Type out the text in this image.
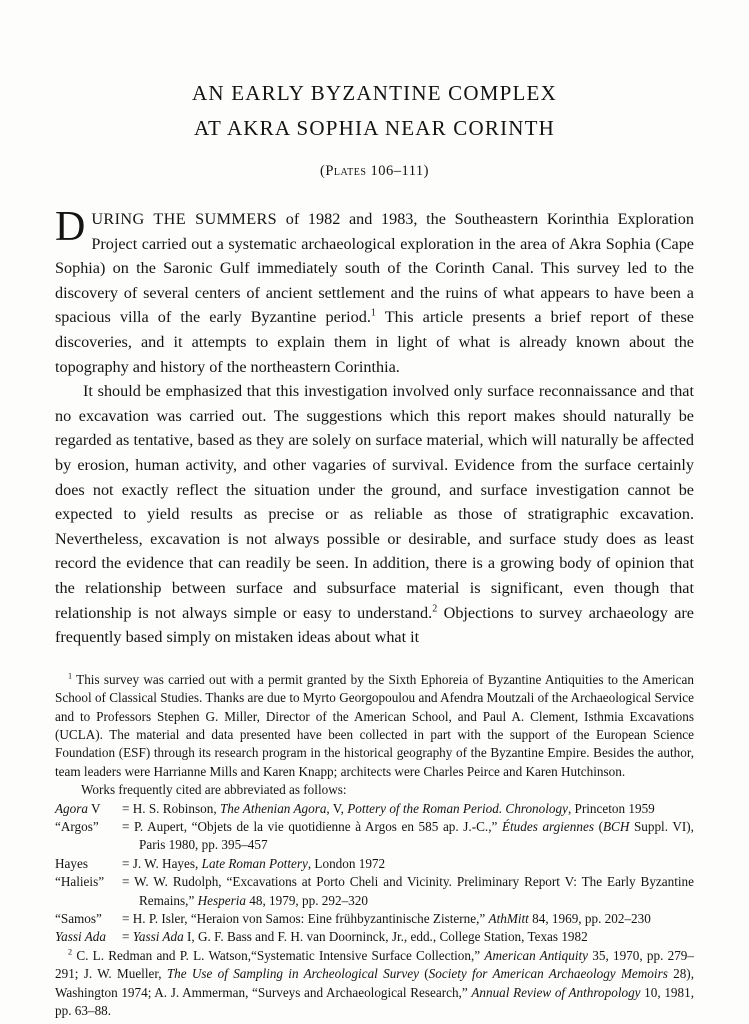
AN EARLY BYZANTINE COMPLEX
AT AKRA SOPHIA NEAR CORINTH
(Plates 106–111)

DURING THE SUMMERS of 1982 and 1983, the Southeastern Korinthia Exploration Project carried out a systematic archaeological exploration in the area of Akra Sophia (Cape Sophia) on the Saronic Gulf immediately south of the Corinth Canal. This survey led to the discovery of several centers of ancient settlement and the ruins of what appears to have been a spacious villa of the early Byzantine period.$^1$ This article presents a brief report of these discoveries, and it attempts to explain them in light of what is already known about the topography and history of the northeastern Corinthia.

It should be emphasized that this investigation involved only surface reconnaissance and that no excavation was carried out. The suggestions which this report makes should naturally be regarded as tentative, based as they are solely on surface material, which will naturally be affected by erosion, human activity, and other vagaries of survival. Evidence from the surface certainly does not exactly reflect the situation under the ground, and surface investigation cannot be expected to yield results as precise or as reliable as those of stratigraphic excavation. Nevertheless, excavation is not always possible or desirable, and surface study does as least record the evidence that can readily be seen. In addition, there is a growing body of opinion that the relationship between surface and subsurface material is significant, even though that relationship is not always simple or easy to understand.$^2$ Objections to survey archaeology are frequently based simply on mistaken ideas about what it

$^1$ This survey was carried out with a permit granted by the Sixth Ephoreia of Byzantine Antiquities to the American School of Classical Studies. Thanks are due to Myrto Georgopoulou and Afendra Moutzali of the Archaeological Service and to Professors Stephen G. Miller, Director of the American School, and Paul A. Clement, Isthmia Excavations (UCLA). The material and data presented have been collected in part with the support of the European Science Foundation (ESF) through its research program in the historical geography of the Byzantine Empire. Besides the author, team leaders were Harrianne Mills and Karen Knapp; architects were Charles Peirce and Karen Hutchinson.

Works frequently cited are abbreviated as follows:

Agora V	= H. S. Robinson, The Athenian Agora, V, Pottery of the Roman Period. Chronology, Princeton 1959
“Argos”	= P. Aupert, “Objets de la vie quotidienne à Argos en 585 ap. J.-C.,” Études argiennes (BCH Suppl. VI), Paris 1980, pp. 395–457
Hayes	= J. W. Hayes, Late Roman Pottery, London 1972
“Halieis”	= W. W. Rudolph, “Excavations at Porto Cheli and Vicinity. Preliminary Report V: The Early Byzantine Remains,” Hesperia 48, 1979, pp. 292–320
“Samos”	= H. P. Isler, “Heraion von Samos: Eine frühbyzantinische Zisterne,” AthMitt 84, 1969, pp. 202–230
Yassi Ada	= Yassi Ada I, G. F. Bass and F. H. van Doorninck, Jr., edd., College Station, Texas 1982

$^2$ C. L. Redman and P. L. Watson,“Systematic Intensive Surface Collection,” American Antiquity 35, 1970, pp. 279–291; J. W. Mueller, The Use of Sampling in Archeological Survey (Society for American Archaeology Memoirs 28), Washington 1974; A. J. Ammerman, “Surveys and Archaeological Research,” Annual Review of Anthropology 10, 1981, pp. 63–88.
